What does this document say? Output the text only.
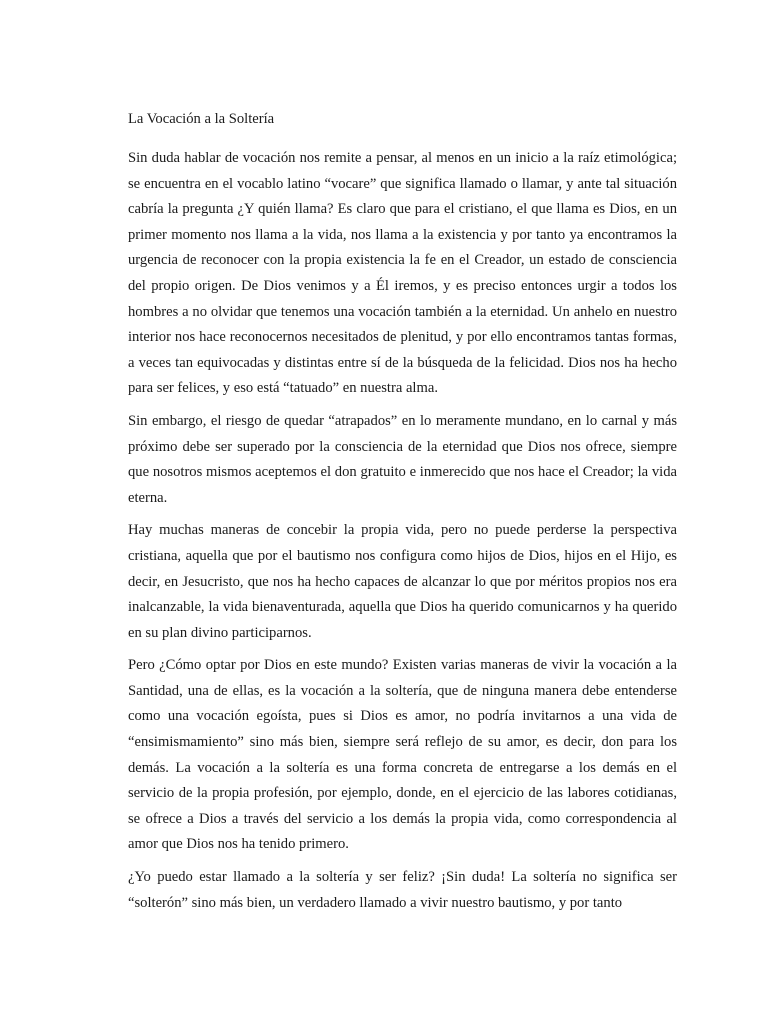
La Vocación a la Soltería

Sin duda hablar de vocación nos remite a pensar, al menos en un inicio a la raíz etimológica; se encuentra en el vocablo latino “vocare” que significa llamado o llamar, y ante tal situación cabría la pregunta ¿Y quién llama? Es claro que para el cristiano, el que llama es Dios, en un primer momento nos llama a la vida, nos llama a la existencia y por tanto ya encontramos la urgencia de reconocer con la propia existencia la fe en el Creador, un estado de consciencia del propio origen. De Dios venimos y a Él iremos, y es preciso entonces urgir a todos los hombres a no olvidar que tenemos una vocación también a la eternidad. Un anhelo en nuestro interior nos hace reconocernos necesitados de plenitud, y por ello encontramos tantas formas, a veces tan equivocadas y distintas entre sí de la búsqueda de la felicidad. Dios nos ha hecho para ser felices, y eso está “tatuado” en nuestra alma.

Sin embargo, el riesgo de quedar “atrapados” en lo meramente mundano, en lo carnal y más próximo debe ser superado por la consciencia de la eternidad que Dios nos ofrece, siempre que nosotros mismos aceptemos el don gratuito e inmerecido que nos hace el Creador; la vida eterna.

Hay muchas maneras de concebir la propia vida, pero no puede perderse la perspectiva cristiana, aquella que por el bautismo nos configura como hijos de Dios, hijos en el Hijo, es decir, en Jesucristo, que nos ha hecho capaces de alcanzar lo que por méritos propios nos era inalcanzable, la vida bienaventurada, aquella que Dios ha querido comunicarnos y ha querido en su plan divino participarnos.

Pero ¿Cómo optar por Dios en este mundo? Existen varias maneras de vivir la vocación a la Santidad, una de ellas, es la vocación a la soltería, que de ninguna manera debe entenderse como una vocación egoísta, pues si Dios es amor, no podría invitarnos a una vida de “ensimismamiento” sino más bien, siempre será reflejo de su amor, es decir, don para los demás. La vocación a la soltería es una forma concreta de entregarse a los demás en el servicio de la propia profesión, por ejemplo, donde, en el ejercicio de las labores cotidianas, se ofrece a Dios a través del servicio a los demás la propia vida, como correspondencia al amor que Dios nos ha tenido primero.

¿Yo puedo estar llamado a la soltería y ser feliz? ¡Sin duda! La soltería no significa ser “solterón” sino más bien, un verdadero llamado a vivir nuestro bautismo, y por tanto
